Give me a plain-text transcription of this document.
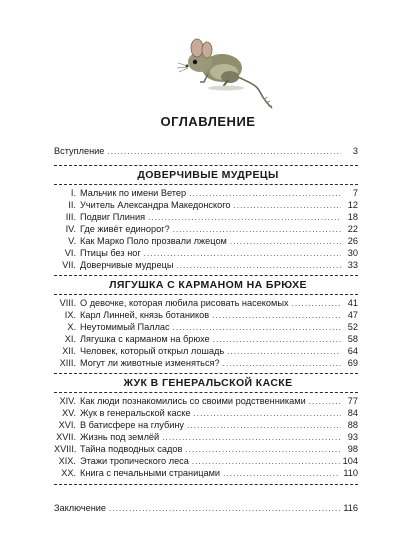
ОГЛАВЛЕНИЕ
Вступление .....	3
ДОВЕРЧИВЫЕ МУДРЕЦЫ
I. Мальчик по имени Ветер .....	7
II. Учитель Александра Македонского .....	12
III. Подвиг Плиния .....	18
IV. Где живёт единорог? .....	22
V. Как Марко Поло прозвали лжецом .....	26
VI. Птицы без ног .....	30
VII. Доверчивые мудрецы .....	33
ЛЯГУШКА С КАРМАНОМ НА БРЮХЕ
VIII. О девочке, которая любила рисовать насекомых .....	41
IX. Карл Линней, князь ботаников .....	47
X. Неутомимый Паллас .....	52
XI. Лягушка с карманом на брюхе .....	58
XII. Человек, который открыл лошадь .....	64
XIII. Могут ли животные изменяться? .....	69
ЖУК В ГЕНЕРАЛЬСКОЙ КАСКЕ
XIV. Как люди познакомились со своими родственниками .....	77
XV. Жук в генеральской каске .....	84
XVI. В батисфере на глубину .....	88
XVII. Жизнь под землёй .....	93
XVIII. Тайна подводных садов .....	98
XIX. Этажи тропического леса .....	104
XX. Книга с печальными страницами .....	110
Заключение .....	116
